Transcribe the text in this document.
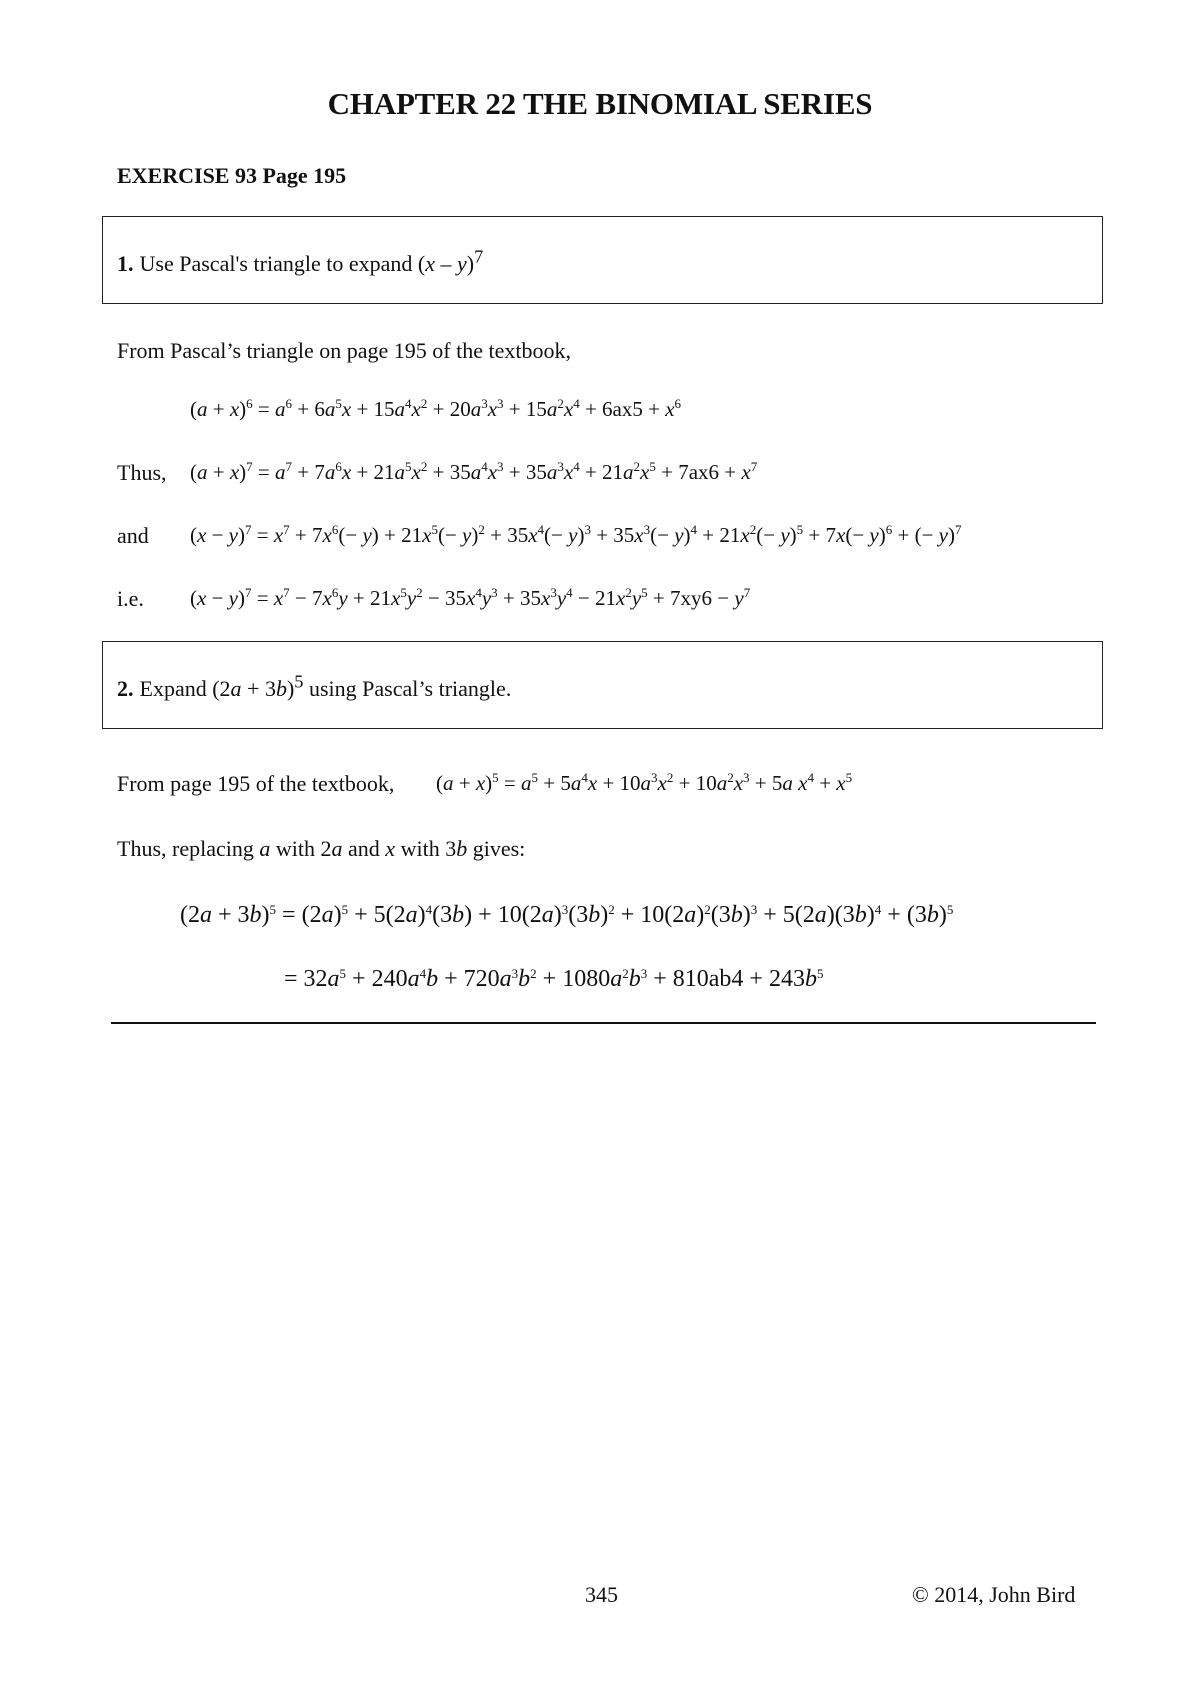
CHAPTER 22 THE BINOMIAL SERIES
EXERCISE 93 Page 195
1. Use Pascal's triangle to expand (x – y)$^7$
From Pascal’s triangle on page 195 of the textbook,
$(a + x)^6 = a^6 + 6a^5x + 15a^4x^2 + 20a^3x^3 + 15a^2x^4 + 6ax5 + x^6$
Thus, $(a + x)^7 = a^7 + 7a^6x + 21a^5x^2 + 35a^4x^3 + 35a^3x^4 + 21a^2x^5 + 7ax6 + x^7$
and $(x - y)^7 = x^7 + 7x^6(- y) + 21x^5(- y)^2 + 35x^4(- y)^3 + 35x^3(- y)^4 + 21x^2(- y)^5 + 7x(- y)^6$ + (− y)$^7$
i.e. $(x - y)^7 = x^7 - 7x^6y + 21x^5y^2 - 35x^4y^3 + 35x^3y^4 - 21x^2y^5 + 7xy6 - y^7$
2. Expand $(2a + 3b)^5$ using Pascal’s triangle.
From page 195 of the textbook, $(a + x)^5 = a^5 + 5a^4x + 10a^3x^2 + 10a^2x^3 + 5a$ $x^4 + x^5$
Thus, replacing a with 2a and x with 3b gives:
$(2a + 3b)^5 = (2a)^5 + 5(2a)^4(3b) + 10(2a)^3(3b)^2 + 10(2a)^2(3b)^3 + 5(2a)(3b)^4 + (3b)^5$
= $32a^5 + 240a^4b + 720a^3b^2 + 1080a^2b^3 + 810ab4 + 243b^5$
345	© 2014, John Bird
